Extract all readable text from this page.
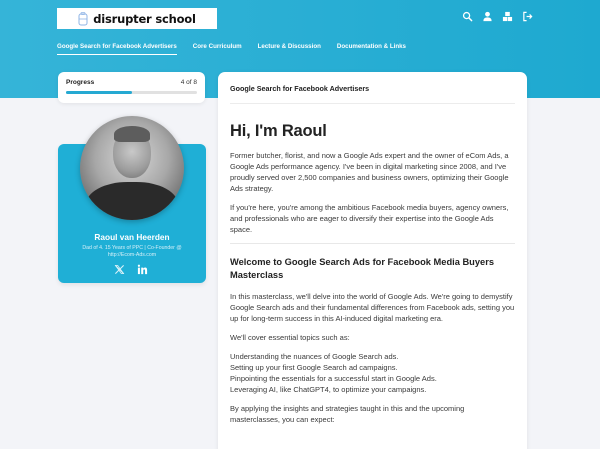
disrupter school
Google Search for Facebook Advertisers	Core Curriculum	Lecture & Discussion	Documentation & Links
Progress	4 of 8
Raoul van Heerden
Dad of 4. 15 Years of PPC | Co-Founder @ http://Ecom-Ads.com
Google Search for Facebook Advertisers
Hi, I'm Raoul

Former butcher, florist, and now a Google Ads expert and the owner of eCom Ads, a Google Ads performance agency. I've been in digital marketing since 2008, and I've proudly served over 2,500 companies and business owners, optimizing their Google Ads strategy.

If you're here, you're among the ambitious Facebook media buyers, agency owners, and professionals who are eager to diversify their expertise into the Google Ads space.

Welcome to Google Search Ads for Facebook Media Buyers Masterclass

In this masterclass, we'll delve into the world of Google Ads. We're going to demystify Google Search ads and their fundamental differences from Facebook ads, setting you up for long-term success in this AI-induced digital marketing era.

We'll cover essential topics such as:

Understanding the nuances of Google Search ads.
Setting up your first Google Search ad campaigns.
Pinpointing the essentials for a successful start in Google Ads.
Leveraging AI, like ChatGPT4, to optimize your campaigns.

By applying the insights and strategies taught in this and the upcoming masterclasses, you can expect:
